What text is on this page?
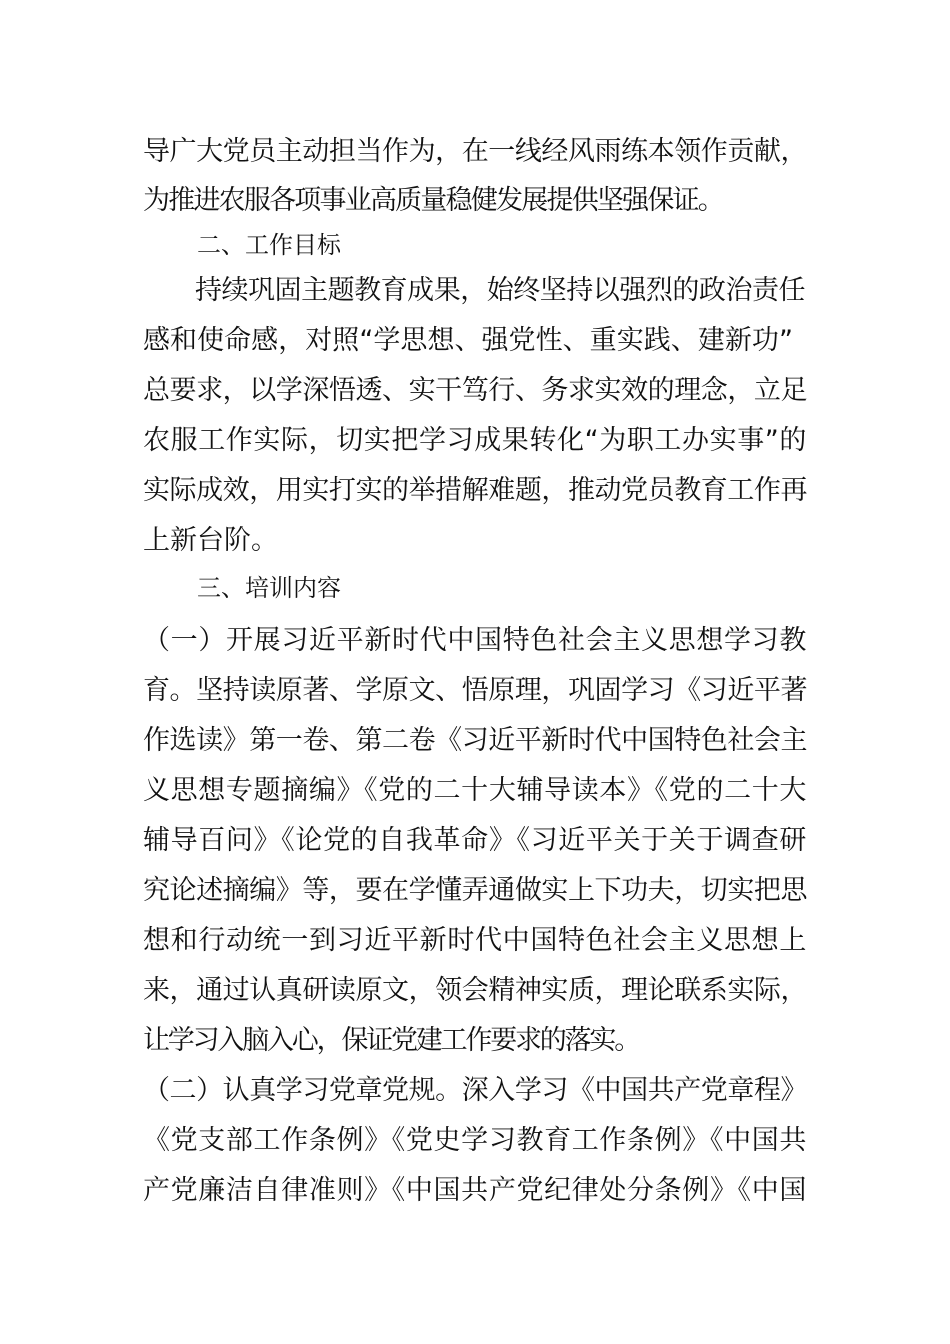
导广大党员主动担当作为，在一线经风雨练本领作贡献，
为推进农服各项事业高质量稳健发展提供坚强保证。
二、工作目标
持续巩固主题教育成果，始终坚持以强烈的政治责任
感和使命感，对照“学思想、强党性、重实践、建新功”
总要求，以学深悟透、实干笃行、务求实效的理念，立足
农服工作实际，切实把学习成果转化“为职工办实事”的
实际成效，用实打实的举措解难题，推动党员教育工作再
上新台阶。
三、培训内容
（一）开展习近平新时代中国特色社会主义思想学习教
育。坚持读原著、学原文、悟原理，巩固学习《习近平著
作选读》第一卷、第二卷《习近平新时代中国特色社会主
义思想专题摘编》《党的二十大辅导读本》《党的二十大
辅导百问》《论党的自我革命》《习近平关于关于调查研
究论述摘编》等，要在学懂弄通做实上下功夫，切实把思
想和行动统一到习近平新时代中国特色社会主义思想上
来，通过认真研读原文，领会精神实质，理论联系实际，
让学习入脑入心，保证党建工作要求的落实。
（二）认真学习党章党规。深入学习《中国共产党章程》
《党支部工作条例》《党史学习教育工作条例》《中国共
产党廉洁自律准则》《中国共产党纪律处分条例》《中国
